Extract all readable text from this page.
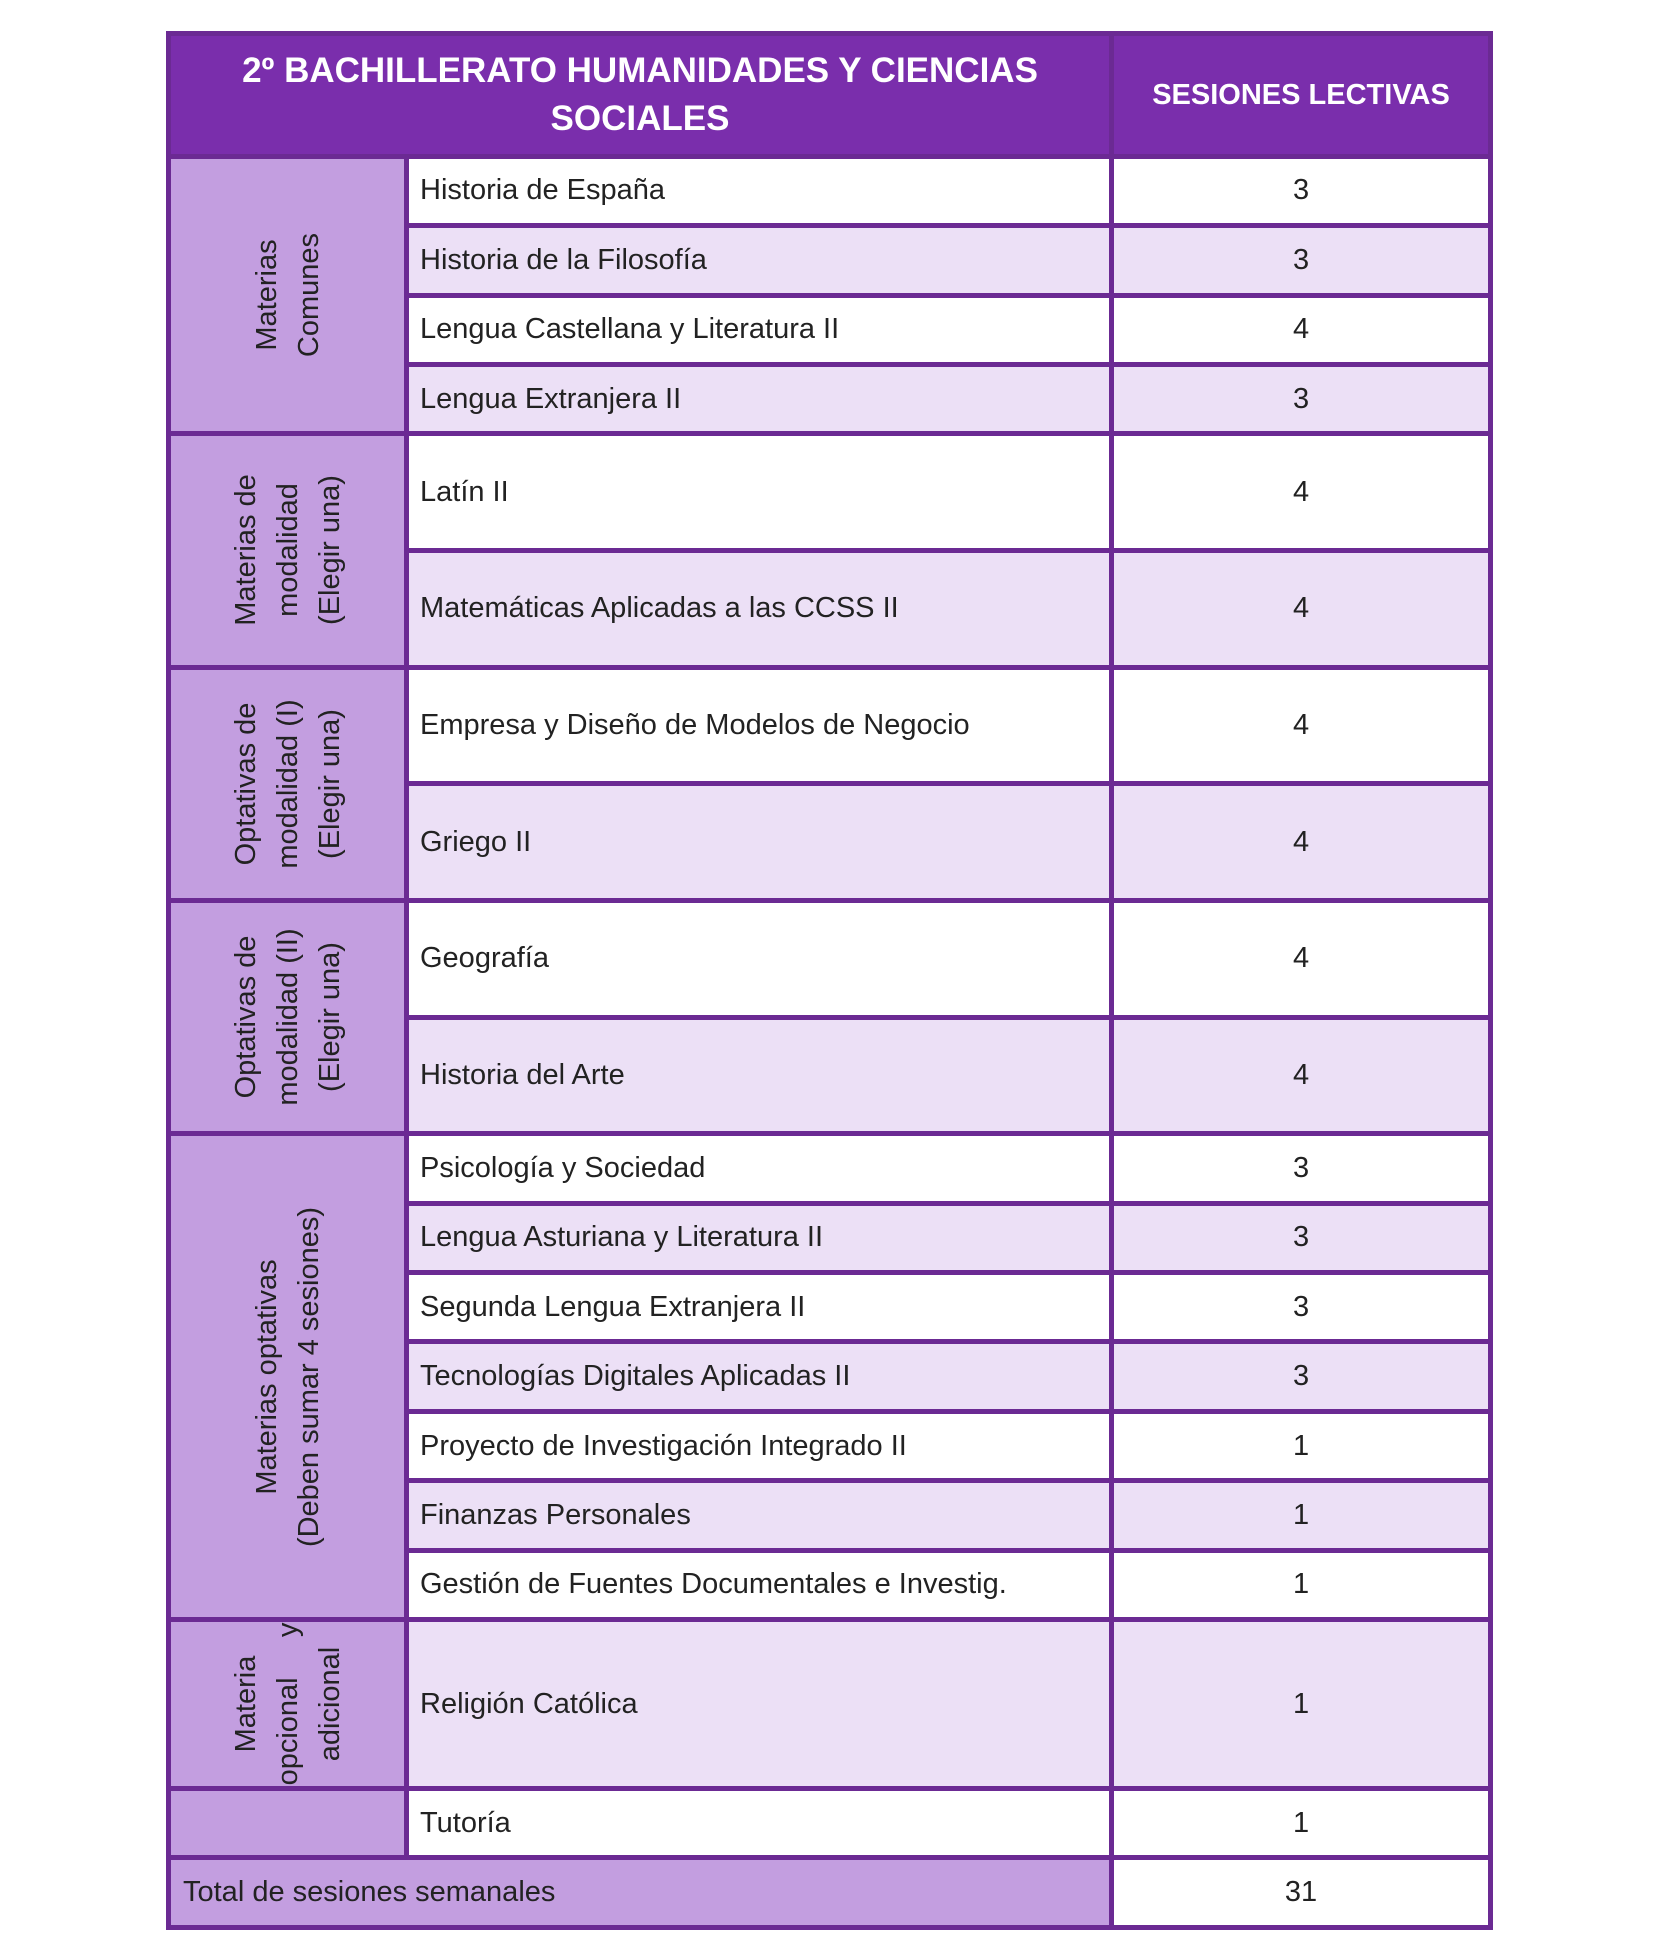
2º BACHILLERATO HUMANIDADES Y CIENCIAS
SOCIALES		SESIONES LECTIVAS

Materias Comunes	Historia de España	3
	Historia de la Filosofía	3
	Lengua Castellana y Literatura II	4
	Lengua Extranjera II	3

Materias de modalidad (Elegir una)	Latín II	4
	Matemáticas Aplicadas a las CCSS II	4

Optativas de modalidad (I) (Elegir una)	Empresa y Diseño de Modelos de Negocio	4
	Griego II	4

Optativas de modalidad (II) (Elegir una)	Geografía	4
	Historia del Arte	4

Materias optativas (Deben sumar 4 sesiones)	Psicología y Sociedad	3
	Lengua Asturiana y Literatura II	3
	Segunda Lengua Extranjera II	3
	Tecnologías Digitales Aplicadas II	3
	Proyecto de Investigación Integrado II	1
	Finanzas Personales	1
	Gestión de Fuentes Documentales e Investig.	1

Materia opcional     y adicional	Religión Católica	1
	Tutoría	1
Total de sesiones semanales		31
